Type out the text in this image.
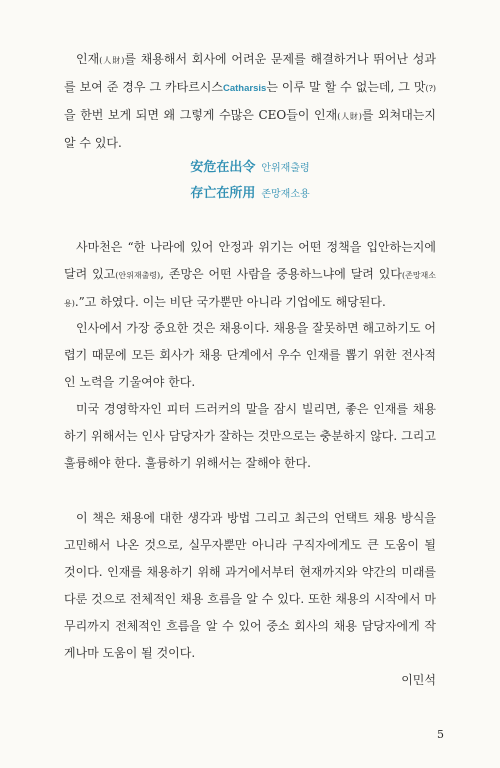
인재(人財)를 채용해서 회사에 어려운 문제를 해결하거나 뛰어난 성과를 보여 준 경우 그 카타르시스Catharsis는 이루 말 할 수 없는데, 그 맛(?)을 한번 보게 되면 왜 그렇게 수많은 CEO들이 인재(人財)를 외쳐대는지 알 수 있다.

安危在出令 안위재출령

存亡在所用 존망재소용

사마천은 “한 나라에 있어 안정과 위기는 어떤 정책을 입안하는지에 달려 있고(안위재출령), 존망은 어떤 사람을 중용하느냐에 달려 있다(존망재소용).”고 하였다. 이는 비단 국가뿐만 아니라 기업에도 해당된다.

인사에서 가장 중요한 것은 채용이다. 채용을 잘못하면 해고하기도 어렵기 때문에 모든 회사가 채용 단계에서 우수 인재를 뽑기 위한 전사적인 노력을 기울여야 한다.

미국 경영학자인 피터 드러커의 말을 잠시 빌리면, 좋은 인재를 채용하기 위해서는 인사 담당자가 잘하는 것만으로는 충분하지 않다. 그리고 훌륭해야 한다. 훌륭하기 위해서는 잘해야 한다.

이 책은 채용에 대한 생각과 방법 그리고 최근의 언택트 채용 방식을 고민해서 나온 것으로, 실무자뿐만 아니라 구직자에게도 큰 도움이 될 것이다. 인재를 채용하기 위해 과거에서부터 현재까지와 약간의 미래를 다룬 것으로 전체적인 채용 흐름을 알 수 있다. 또한 채용의 시작에서 마무리까지 전체적인 흐름을 알 수 있어 중소 회사의 채용 담당자에게 작게나마 도움이 될 것이다.

이민석

5
